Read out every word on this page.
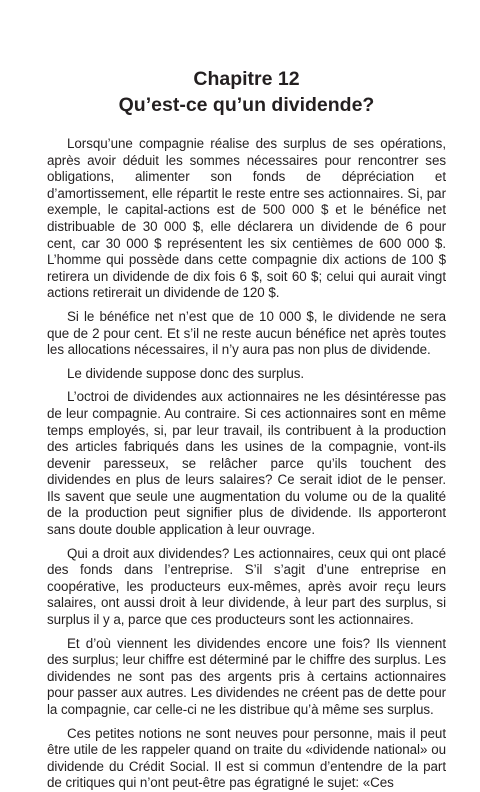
Chapitre 12
Qu’est-ce qu’un dividende?

Lorsqu’une compagnie réalise des surplus de ses opérations, après avoir déduit les sommes nécessaires pour rencontrer ses obligations, alimenter son fonds de dépréciation et d’amortissement, elle répartit le reste entre ses actionnaires. Si, par exemple, le capital-actions est de 500 000 $ et le bénéfice net distribuable de 30 000 $, elle déclarera un dividende de 6 pour cent, car 30 000 $ représentent les six centièmes de 600 000 $. L’homme qui possède dans cette compagnie dix actions de 100 $ retirera un dividende de dix fois 6 $, soit 60 $; celui qui aurait vingt actions retirerait un dividende de 120 $.

Si le bénéfice net n’est que de 10 000 $, le dividende ne sera que de 2 pour cent. Et s’il ne reste aucun bénéfice net après toutes les allocations nécessaires, il n’y aura pas non plus de dividende.

Le dividende suppose donc des surplus.

L’octroi de dividendes aux actionnaires ne les désintéresse pas de leur compagnie. Au contraire. Si ces actionnaires sont en même temps employés, si, par leur travail, ils contribuent à la production des articles fabriqués dans les usines de la compagnie, vont-ils devenir paresseux, se relâcher parce qu’ils touchent des dividendes en plus de leurs salaires? Ce serait idiot de le penser. Ils savent que seule une augmentation du volume ou de la qualité de la production peut signifier plus de dividende. Ils apporteront sans doute double application à leur ouvrage.

Qui a droit aux dividendes? Les actionnaires, ceux qui ont placé des fonds dans l’entreprise. S’il s’agit d’une entreprise en coopérative, les producteurs eux-mêmes, après avoir reçu leurs salaires, ont aussi droit à leur dividende, à leur part des surplus, si surplus il y a, parce que ces producteurs sont les actionnaires.

Et d’où viennent les dividendes encore une fois? Ils viennent des surplus; leur chiffre est déterminé par le chiffre des surplus. Les dividendes ne sont pas des argents pris à certains actionnaires pour passer aux autres. Les dividendes ne créent pas de dette pour la compagnie, car celle-ci ne les distribue qu’à même ses surplus.

Ces petites notions ne sont neuves pour personne, mais il peut être utile de les rappeler quand on traite du «dividende national» ou dividende du Crédit Social. Il est si commun d’entendre de la part de critiques qui n’ont peut-être pas égratigné le sujet: «Ces
